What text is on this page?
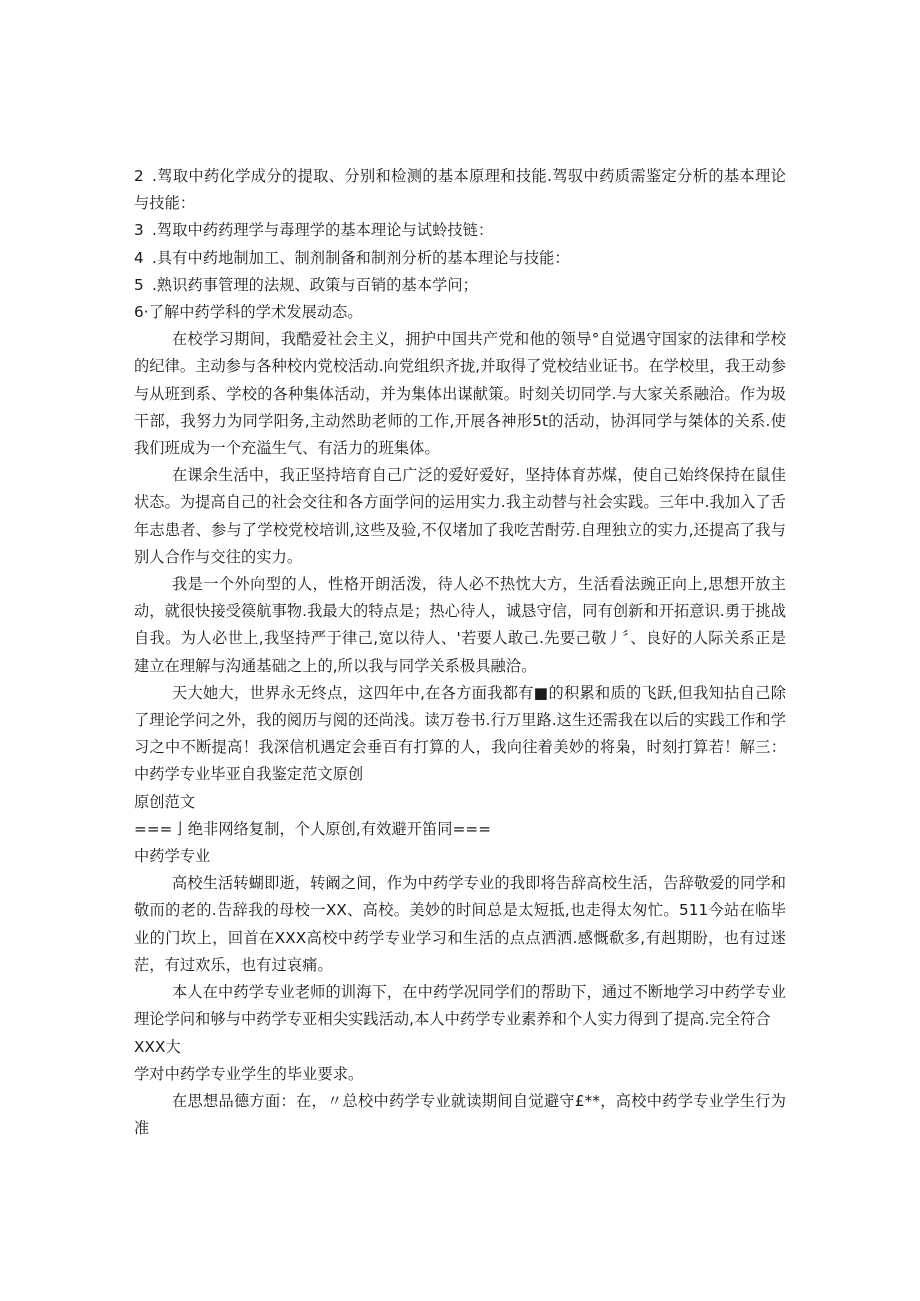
2 .驾取中药化学成分的提取、分别和检测的基本原理和技能.驾驭中药质需鉴定分析的基本理论与技能：

3 .驾取中药药理学与毒理学的基本理论与试蛉技链：

4 .具有中药地制加工、制剂制备和制剂分析的基本理论与技能：

5 .熟识药事管理的法规、政策与百销的基本学问；

6·了解中药学科的学术发展动态。

在校学习期间，我酷爱社会主义，拥护中国共产党和他的领导°自觉遇守国家的法律和学校的纪律。主动参与各种校内党校活动.向党组织齐拢,并取得了党校结业证书。在学校里，我王动参与从班到系、学校的各种集体活动，并为集体出谋献策。时刻关切同学.与大家关系融洽。作为圾干部，我努力为同学阳务,主动然助老师的工作,开展各神形5t的活动，协洱同学与桀体的关系.使我们班成为一个充溢生气、有活力的班集体。

在课余生活中，我正坚持培育自己广泛的爱好爱好，坚持体育苏煤，使自己始终保持在鼠佳状态。为提高自己的社会交往和各方面学问的运用实力.我主动替与社会实践。三年中.我加入了舌年志患者、参与了学校党校培训,这些及验,不仅堵加了我吃苦酎劳.自理独立的实力,还提高了我与别人合作与交往的实力。

我是一个外向型的人，性格开朗活泼，待人必不热忱大方，生活看法豌正向上,思想开放主动，就很快接受篌航事物.我最大的特点是；热心待人，诚恳守信，同有创新和开拓意识.勇于挑战自我。为人必世上,我坚持严于律己,宽以待人、'若要人敢己.先要己敬丿〞、良好的人际关系正是建立在理解与沟通基础之上的,所以我与同学关系极具融洽。

天大她大，世界永无终点，这四年中,在各方面我都有■的积累和质的飞跃,但我知拈自己除了理论学问之外，我的阅历与阅的还尚浅。读万卷书.行万里路.这生还需我在以后的实践工作和学习之中不断提高！我深信机遇定会垂百有打算的人，我向往着美妙的将枭，时刻打算若！解三：中药学专业毕亚自我鉴定范文原创

原创范文

===亅绝非网络复制，个人原创,有效避开笛同===

中药学专业

高校生活转蝴即逝，转阚之间，作为中药学专业的我即将告辞高校生活，告辞敬爱的同学和敬而的老的.告辞我的母校一XX、高校。美妙的时间总是太短抵,也走得太匆忙。511今站在临毕业的门坎上，回首在XXX高校中药学专业学习和生活的点点洒洒.感慨欷多,有赳期盼，也有过迷茫，有过欢乐，也有过哀痛。

本人在中药学专业老师的训海下，在中药学况同学们的帮助下，通过不断地学习中药学专业理论学问和够与中药学专亚相尖实践活动,本人中药学专业素养和个人实力得到了提高.完全符合

XXX大

学对中药学专业学生的毕业要求。

在思想品德方面：在，〃总校中药学专业就读期间自觉避守£**，高校中药学专业学生行为准
